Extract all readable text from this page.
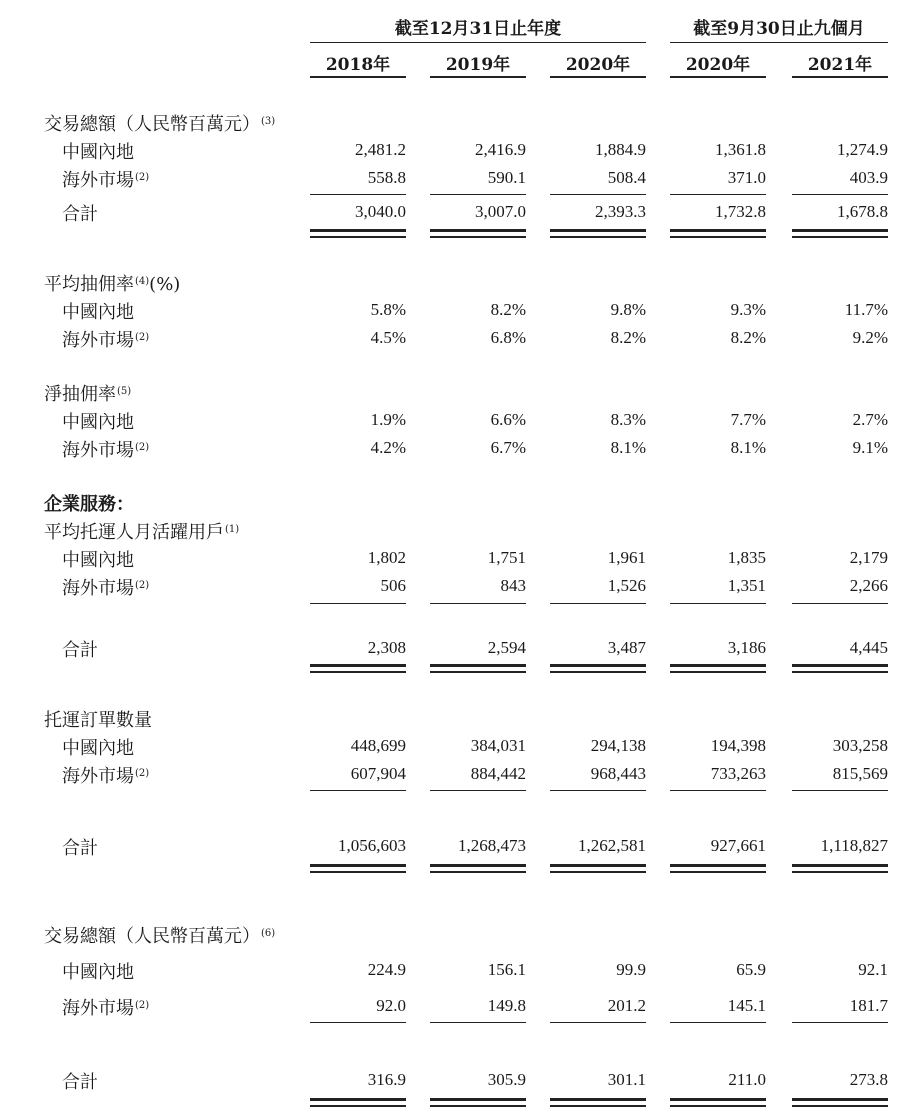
截至12月31日止年度	截至9月30日止九個月
2018年	2019年	2020年	2020年	2021年
交易總額（人民幣百萬元）$^{(3)}$
中國內地	2,481.2	2,416.9	1,884.9	1,361.8	1,274.9
海外市場$^{(2)}$	558.8	590.1	508.4	371.0	403.9
合計	3,040.0	3,007.0	2,393.3	1,732.8	1,678.8
平均抽佣率$^{(4)}$(%)
中國內地	5.8%	8.2%	9.8%	9.3%	11.7%
海外市場$^{(2)}$	4.5%	6.8%	8.2%	8.2%	9.2%
淨抽佣率$^{(5)}$
中國內地	1.9%	6.6%	8.3%	7.7%	2.7%
海外市場$^{(2)}$	4.2%	6.7%	8.1%	8.1%	9.1%
企業服務：
平均托運人月活躍用戶$^{(1)}$
中國內地	1,802	1,751	1,961	1,835	2,179
海外市場$^{(2)}$	506	843	1,526	1,351	2,266
合計	2,308	2,594	3,487	3,186	4,445
托運訂單數量
中國內地	448,699	384,031	294,138	194,398	303,258
海外市場$^{(2)}$	607,904	884,442	968,443	733,263	815,569
合計	1,056,603	1,268,473	1,262,581	927,661	1,118,827
交易總額（人民幣百萬元）$^{(6)}$
中國內地	224.9	156.1	99.9	65.9	92.1
海外市場$^{(2)}$	92.0	149.8	201.2	145.1	181.7
合計	316.9	305.9	301.1	211.0	273.8
